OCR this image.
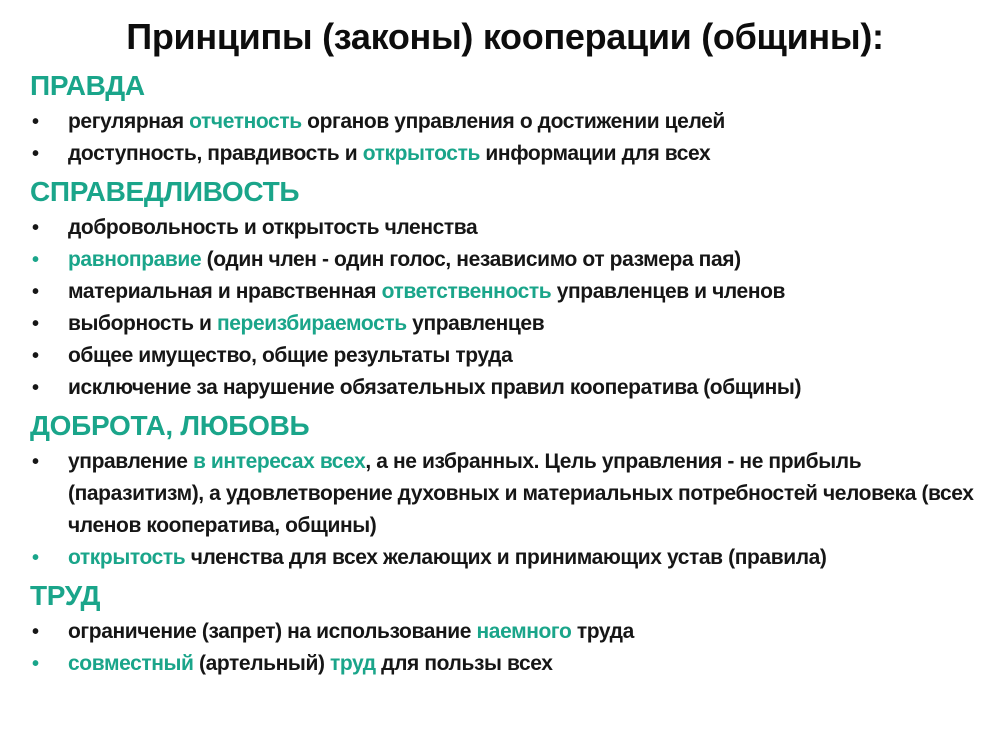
Принципы (законы) кооперации (общины):
ПРАВДА
• регулярная отчетность органов управления о достижении целей
• доступность, правдивость и открытость информации для всех
СПРАВЕДЛИВОСТЬ
• добровольность и открытость членства
• равноправие (один член - один голос, независимо от размера пая)
• материальная и нравственная ответственность управленцев и членов
• выборность и переизбираемость управленцев
• общее имущество, общие результаты труда
• исключение за нарушение обязательных правил кооператива (общины)
ДОБРОТА, ЛЮБОВЬ
• управление в интересах всех, а не избранных. Цель управления - не прибыль (паразитизм), а удовлетворение духовных и материальных потребностей человека (всех членов кооператива, общины)
• открытость членства для всех желающих и принимающих устав (правила)
ТРУД
• ограничение (запрет) на использование наемного труда
• совместный (артельный) труд для пользы всех
